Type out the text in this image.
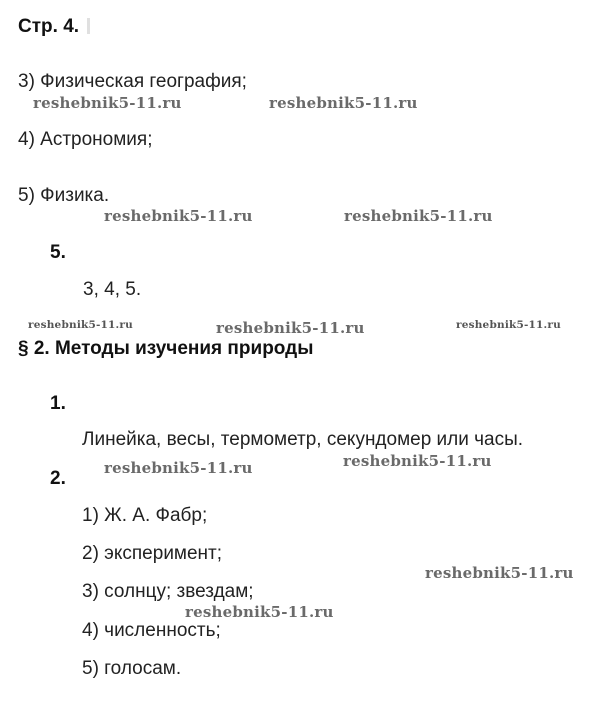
Стр. 4.
3) Физическая география;
4) Астрономия;
5) Физика.
5.
3, 4, 5.
§ 2. Методы изучения природы
1.
Линейка, весы, термометр, секундомер или часы.
2.
1) Ж. А. Фабр;
2) эксперимент;
3) солнцу; звездам;
4) численность;
5) голосам.
reshebnik5-11.ru	reshebnik5-11.ru
reshebnik5-11.ru	reshebnik5-11.ru
reshebnik5-11.ru	reshebnik5-11.ru	reshebnik5-11.ru
reshebnik5-11.ru
reshebnik5-11.ru
reshebnik5-11.ru
reshebnik5-11.ru
